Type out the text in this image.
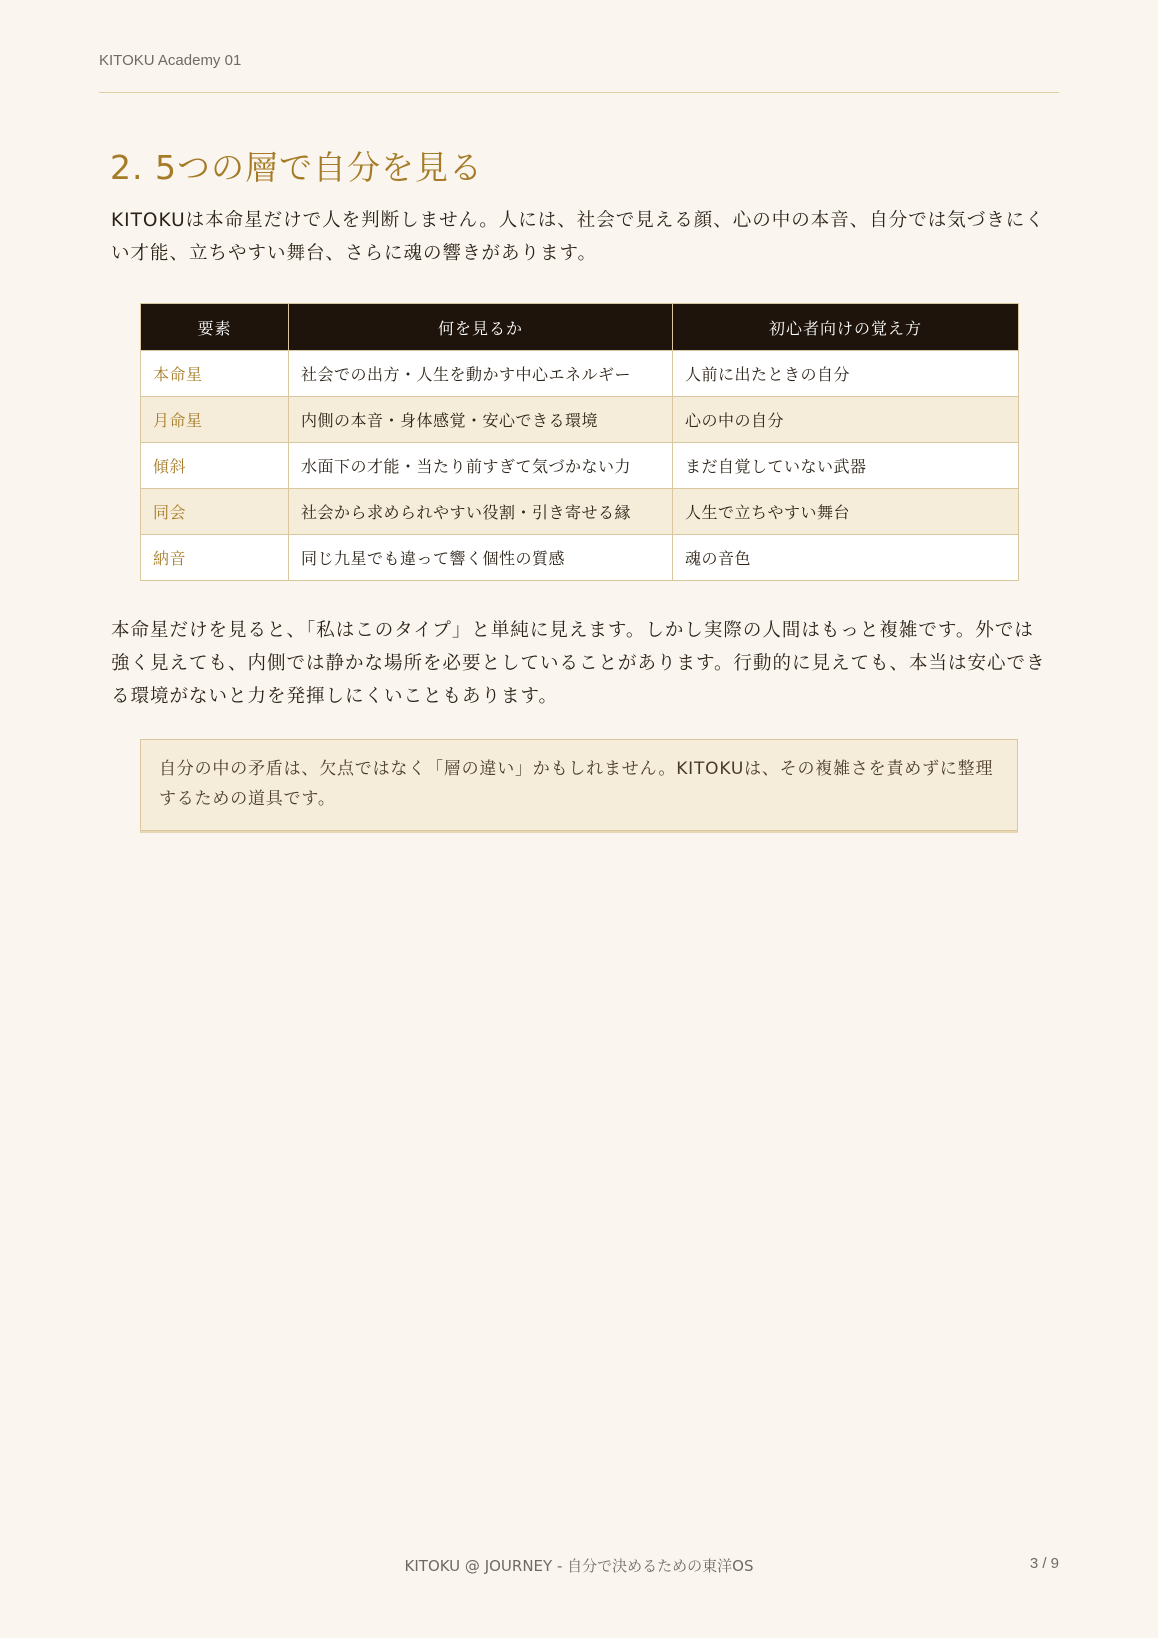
KITOKU Academy 01
2. 5つの層で自分を見る

KITOKUは本命星だけで人を判断しません。人には、社会で見える顔、心の中の本音、自分では気づきにくい才能、立ちやすい舞台、さらに魂の響きがあります。

要素	何を見るか	初心者向けの覚え方
本命星	社会での出方・人生を動かす中心エネルギー	人前に出たときの自分
月命星	内側の本音・身体感覚・安心できる環境	心の中の自分
傾斜	水面下の才能・当たり前すぎて気づかない力	まだ自覚していない武器
同会	社会から求められやすい役割・引き寄せる縁	人生で立ちやすい舞台
納音	同じ九星でも違って響く個性の質感	魂の音色

本命星だけを見ると、「私はこのタイプ」と単純に見えます。しかし実際の人間はもっと複雑です。外では強く見えても、内側では静かな場所を必要としていることがあります。行動的に見えても、本当は安心できる環境がないと力を発揮しにくいこともあります。

自分の中の矛盾は、欠点ではなく「層の違い」かもしれません。KITOKUは、その複雑さを責めずに整理するための道具です。

KITOKU @ JOURNEY - 自分で決めるための東洋OS	3 / 9
